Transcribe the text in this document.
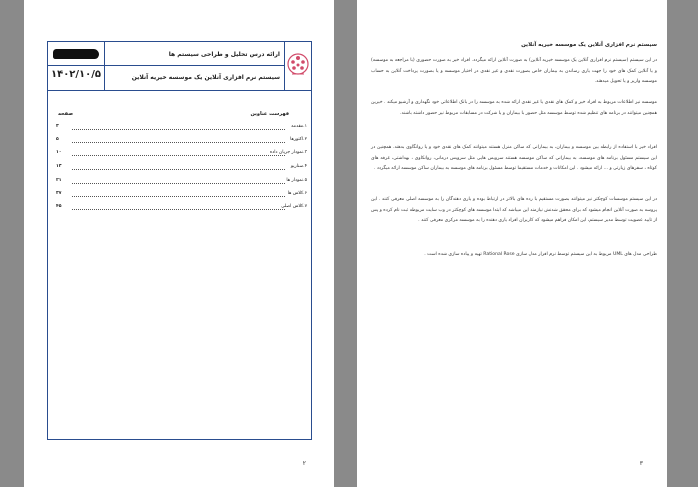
۱۴۰۲/۱۰/۵
ارائه درس تحلیل و طراحی سیستم ها
سیستم نرم افزاری آنلاین یک موسسه خیریه آنلاین
فهرست عناوین
صفحه
۱.مقدمه
۳
۲.اکتورها
۵
۳.نمودار جریان داده
۱۰
۴.سناریو
۱۳
۵.نمودار ها
۲۱
۶.کلاس ها
۳۷
۷.کلاس اصلی
۴۵
۲
سیستم نرم افزاری آنلاین یک موسسه خیریه آنلاین
در این سیستم (سیستم نرم افزاری آنلاین یک موسسه خیریه آنلاین) به صورت آنلاین ارائه میگردد. افراد خیر به صورت حضوری (با مراجعه به موسسه) و یا آنلاین کمک های خود را جهت یاری رساندن به بیماران خاص بصورت نقدی و غیر نقدی در اختیار موسسه و یا بصورت پرداخت آنلاین به حساب موسسه واریز و یا تحویل میدهند.
موسسه نیز اطلاعات مربوط به افراد خیر و کمک های نقدی یا غیر نقدی ارائه شده به موسسه را در بانک اطلاعاتی خود نگهداری و آرشیو میکند . خیرین همچنین میتوانند در برنامه های تنظیم شده توسط موسسه مثل حضور با بیماران و یا شرکت در مسابقات مربوط نیز حضور داشته باشند.
افراد خیر با استفاده از رابطه بین موسسه و بیماران، به بیمارانی که ساکن منزل هستند میتوانند کمک های نقدی خود و یا روانگاوی بدهند. همچنین در این سیستم مسئول برنامه های موسسه، به بیمارانی که ساکن موسسه هستند سرویس هایی مثل سرویس درمانی، روانکاوی ، بهداشتی، غرفه های کوتاه ، سفرهای زیارتی و ... ارائه میشود . این امکانات و خدمات مستقیما توسط مسئول برنامه های موسسه به بیماران ساکن موسسه ارائه میگردد .
در این سیستم موسسات کوچکتر نیز میتوانند بصورت مستقیم با رده های بالاتر در ارتباط بوده و یاری دهندگان را به موسسه اصلی معرفی کنند . این پروسه به صورت آنلاین انجام میشود که برای محقق شدنش نیازمند این میباشد که ابتدا موسسه های کوچکتر در وب سایت مربوطه ثبت نام کرده و پس از تایید عضویت توسط مدیر سیستم، این امکان فراهم میشود که کاربران افراد یاری دهنده را به موسسه مرکزی معرفی کنند .
طراحی مدل های UML مربوط به این سیستم توسط نرم افزار مدل سازی Rational Rose تهیه و پیاده سازی شده است .
۳
